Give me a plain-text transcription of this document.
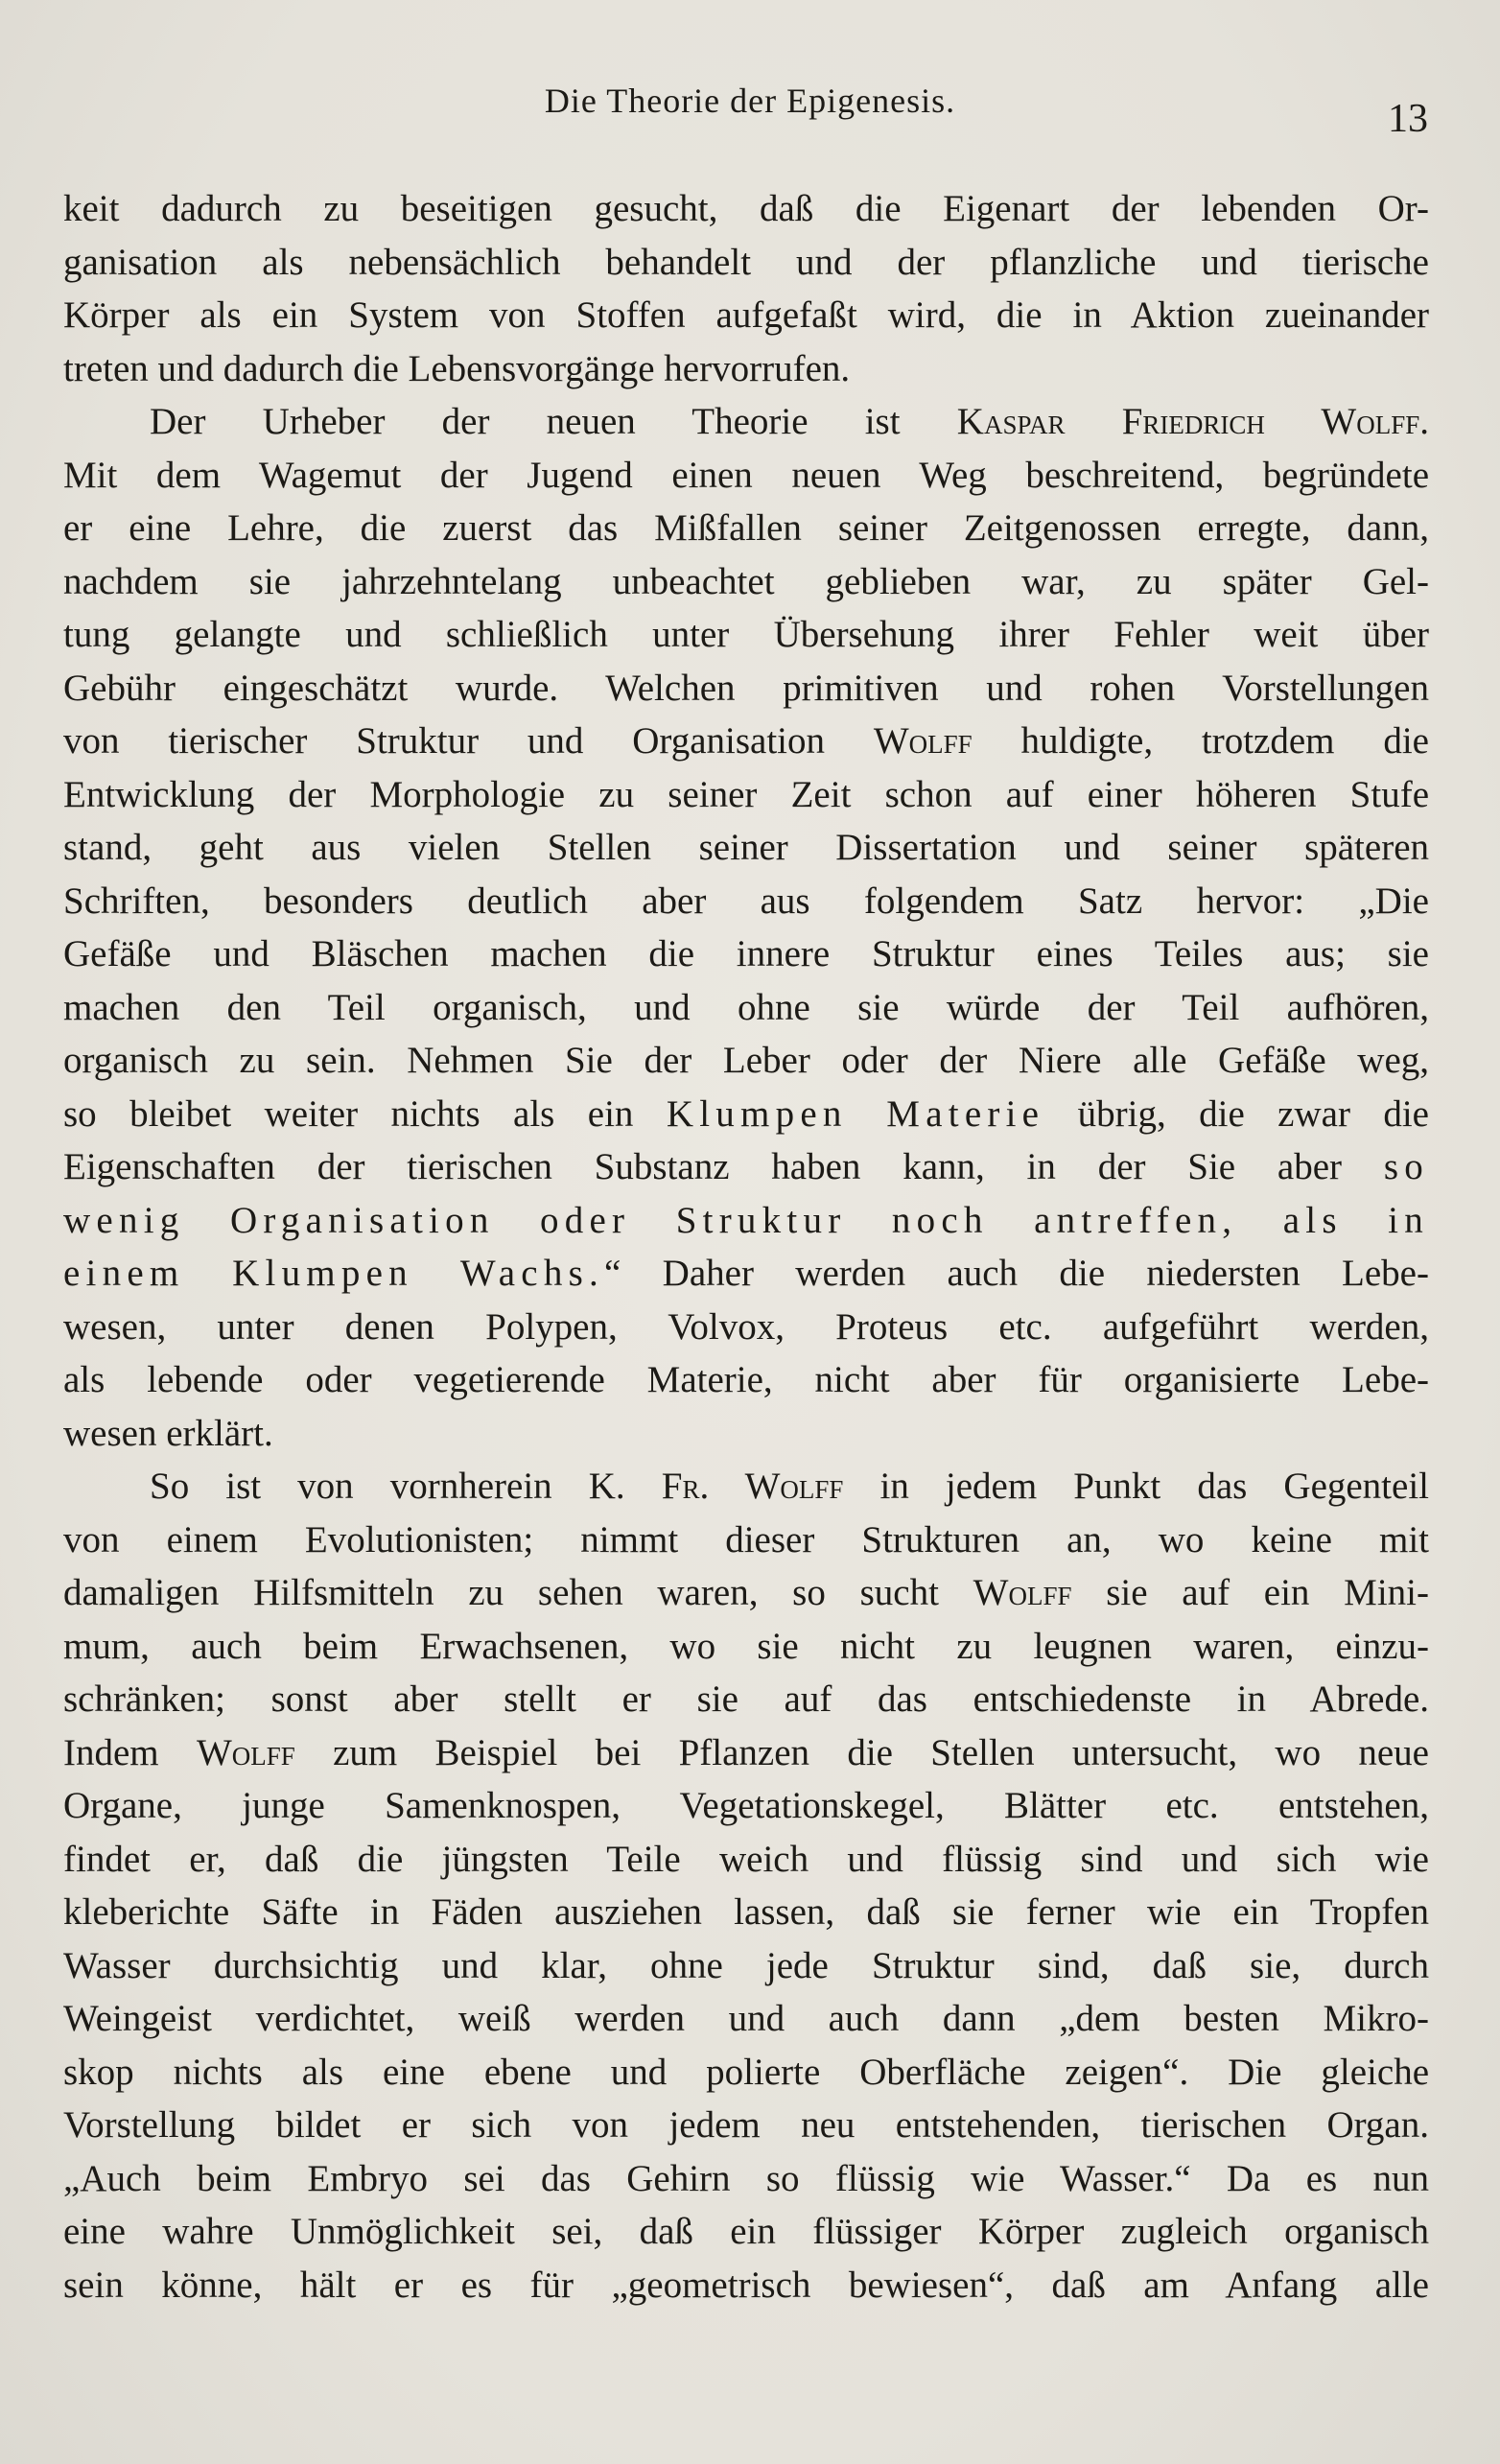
Die Theorie der Epigenesis.	13
keit dadurch zu beseitigen gesucht, daß die Eigenart der lebenden Or-
ganisation als nebensächlich behandelt und der pflanzliche und tierische
Körper als ein System von Stoffen aufgefaßt wird, die in Aktion zueinander
treten und dadurch die Lebensvorgänge hervorrufen.
Der Urheber der neuen Theorie ist Kaspar Friedrich Wolff.
Mit dem Wagemut der Jugend einen neuen Weg beschreitend, begründete
er eine Lehre, die zuerst das Mißfallen seiner Zeitgenossen erregte, dann,
nachdem sie jahrzehntelang unbeachtet geblieben war, zu später Gel-
tung gelangte und schließlich unter Übersehung ihrer Fehler weit über
Gebühr eingeschätzt wurde. Welchen primitiven und rohen Vorstellungen
von tierischer Struktur und Organisation Wolff huldigte, trotzdem die
Entwicklung der Morphologie zu seiner Zeit schon auf einer höheren Stufe
stand, geht aus vielen Stellen seiner Dissertation und seiner späteren
Schriften, besonders deutlich aber aus folgendem Satz hervor: „Die
Gefäße und Bläschen machen die innere Struktur eines Teiles aus; sie
machen den Teil organisch, und ohne sie würde der Teil aufhören,
organisch zu sein. Nehmen Sie der Leber oder der Niere alle Gefäße weg,
so bleibet weiter nichts als ein Klumpen Materie übrig, die zwar die
Eigenschaften der tierischen Substanz haben kann, in der Sie aber so
wenig Organisation oder Struktur noch antreffen, als in
einem Klumpen Wachs.“ Daher werden auch die niedersten Lebe-
wesen, unter denen Polypen, Volvox, Proteus etc. aufgeführt werden,
als lebende oder vegetierende Materie, nicht aber für organisierte Lebe-
wesen erklärt.
So ist von vornherein K. Fr. Wolff in jedem Punkt das Gegenteil
von einem Evolutionisten; nimmt dieser Strukturen an, wo keine mit
damaligen Hilfsmitteln zu sehen waren, so sucht Wolff sie auf ein Mini-
mum, auch beim Erwachsenen, wo sie nicht zu leugnen waren, einzu-
schränken; sonst aber stellt er sie auf das entschiedenste in Abrede.
Indem Wolff zum Beispiel bei Pflanzen die Stellen untersucht, wo neue
Organe, junge Samenknospen, Vegetationskegel, Blätter etc. entstehen,
findet er, daß die jüngsten Teile weich und flüssig sind und sich wie
kleberichte Säfte in Fäden ausziehen lassen, daß sie ferner wie ein Tropfen
Wasser durchsichtig und klar, ohne jede Struktur sind, daß sie, durch
Weingeist verdichtet, weiß werden und auch dann „dem besten Mikro-
skop nichts als eine ebene und polierte Oberfläche zeigen“. Die gleiche
Vorstellung bildet er sich von jedem neu entstehenden, tierischen Organ.
„Auch beim Embryo sei das Gehirn so flüssig wie Wasser.“ Da es nun
eine wahre Unmöglichkeit sei, daß ein flüssiger Körper zugleich organisch
sein könne, hält er es für „geometrisch bewiesen“, daß am Anfang alle
